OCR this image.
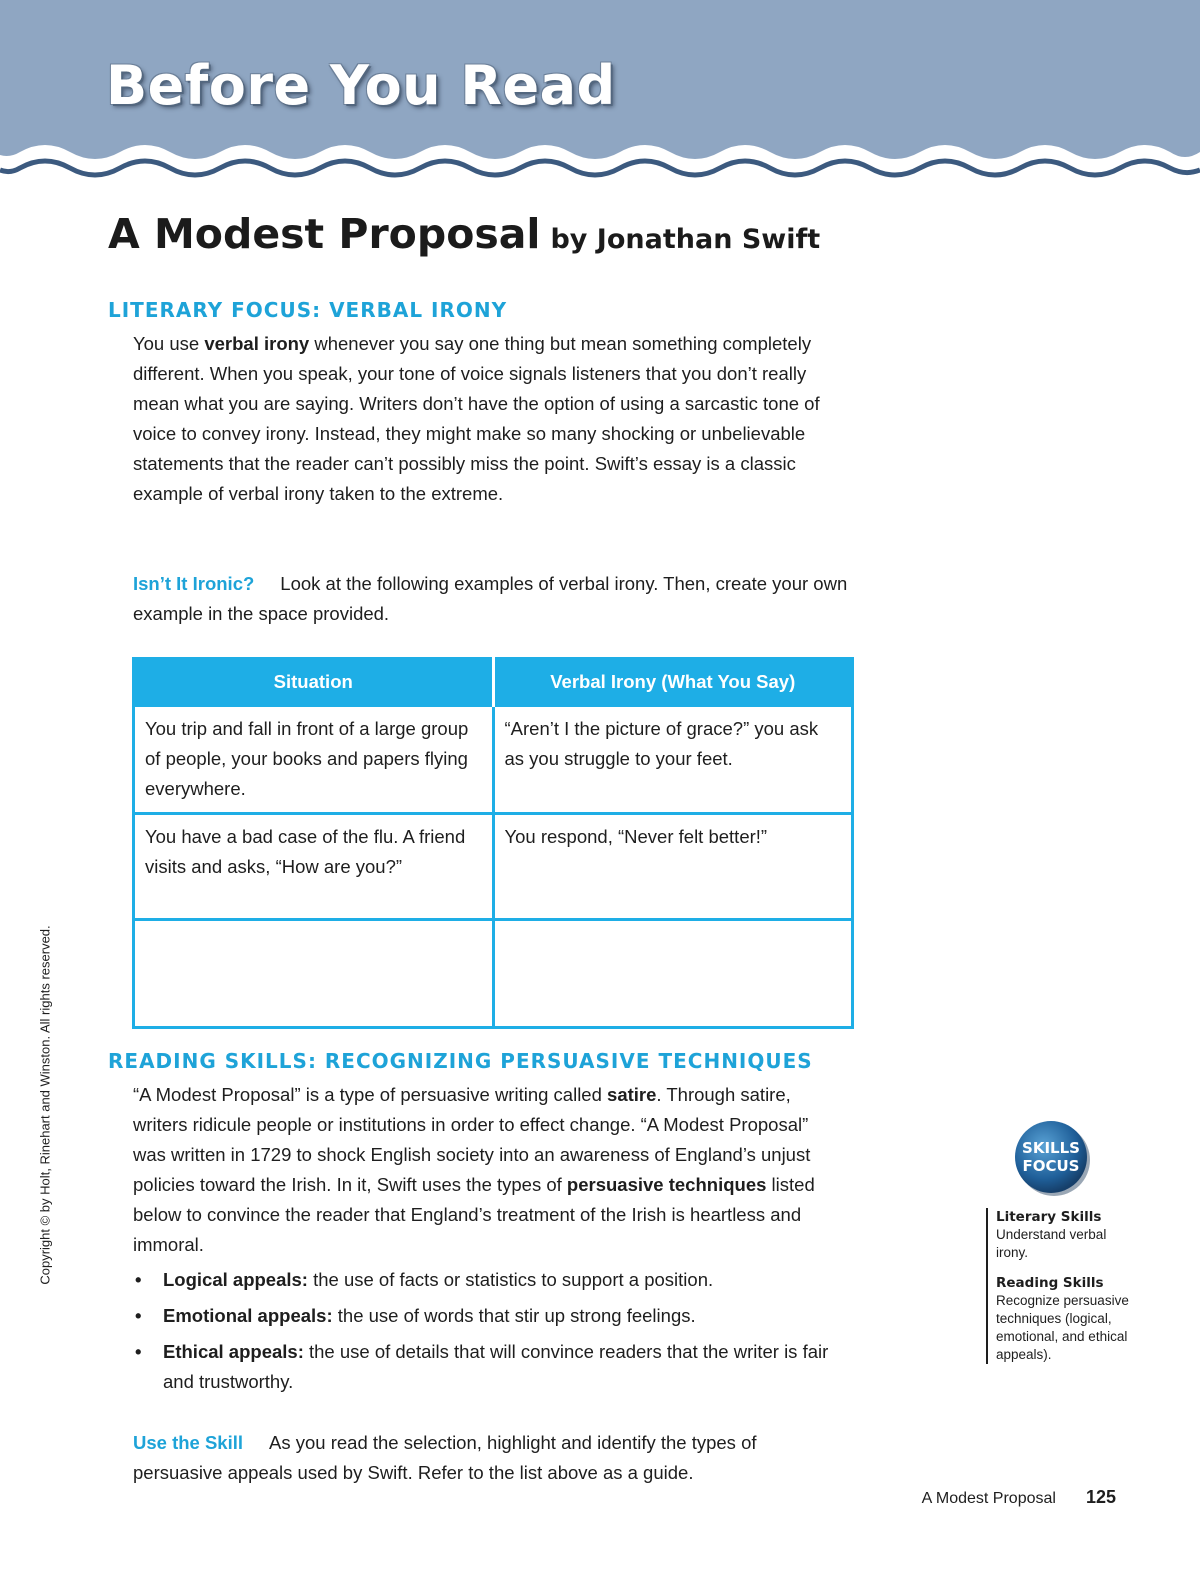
Before You Read
A Modest Proposal by Jonathan Swift
LITERARY FOCUS: VERBAL IRONY

You use verbal irony whenever you say one thing but mean something completely different. When you speak, your tone of voice signals listeners that you don’t really mean what you are saying. Writers don’t have the option of using a sarcastic tone of voice to convey irony. Instead, they might make so many shocking or unbelievable statements that the reader can’t possibly miss the point. Swift’s essay is a classic example of verbal irony taken to the extreme.

Isn’t It Ironic? Look at the following examples of verbal irony. Then, create your own example in the space provided.

Situation	Verbal Irony (What You Say)
You trip and fall in front of a large group of people, your books and papers flying everywhere.	“Aren’t I the picture of grace?” you ask as you struggle to your feet.
You have a bad case of the flu. A friend visits and asks, “How are you?”	You respond, “Never felt better!”

READING SKILLS: RECOGNIZING PERSUASIVE TECHNIQUES

“A Modest Proposal” is a type of persuasive writing called satire. Through satire, writers ridicule people or institutions in order to effect change. “A Modest Proposal” was written in 1729 to shock English society into an awareness of England’s unjust policies toward the Irish. In it, Swift uses the types of persuasive techniques listed below to convince the reader that England’s treatment of the Irish is heartless and immoral.

• Logical appeals: the use of facts or statistics to support a position.
• Emotional appeals: the use of words that stir up strong feelings.
• Ethical appeals: the use of details that will convince readers that the writer is fair and trustworthy.

Use the Skill As you read the selection, highlight and identify the types of persuasive appeals used by Swift. Refer to the list above as a guide.

Copyright © by Holt, Rinehart and Winston. All rights reserved.	SKILLS
FOCUS

Literary Skills

Understand verbal irony.

Reading Skills

Recognize persuasive techniques (logical, emotional, and ethical appeals).

A Modest Proposal 125
